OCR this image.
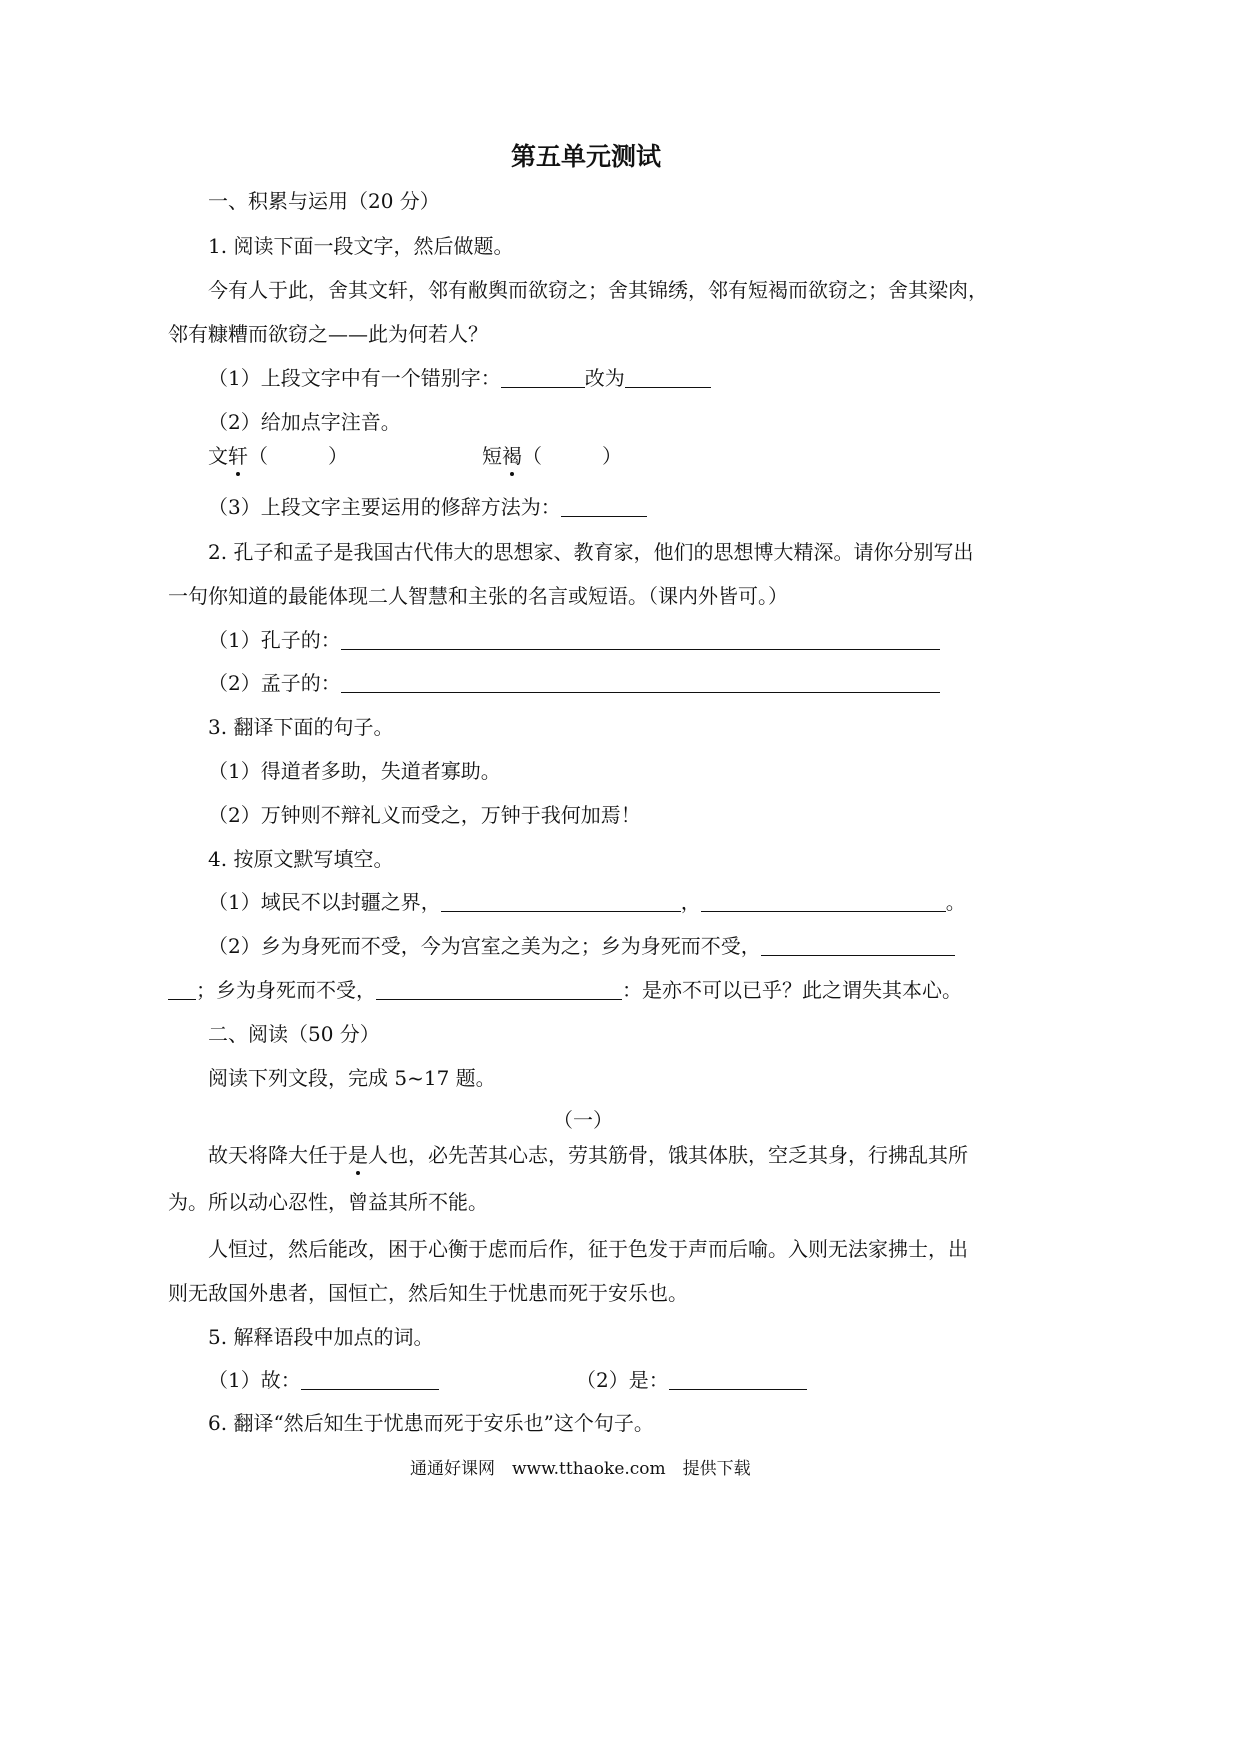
第五单元测试
一、积累与运用（20 分）
1. 阅读下面一段文字，然后做题。
今有人于此，舍其文轩，邻有敝舆而欲窃之；舍其锦绣，邻有短褐而欲窃之；舍其梁肉，
邻有糠糟而欲窃之——此为何若人？
（1）上段文字中有一个错别字：	改为
（2）给加点字注音。
文轩（　　　）	短褐（　　　）
（3）上段文字主要运用的修辞方法为：
2. 孔子和孟子是我国古代伟大的思想家、教育家，他们的思想博大精深。请你分别写出
一句你知道的最能体现二人智慧和主张的名言或短语。（课内外皆可。）
（1）孔子的：
（2）孟子的：
3. 翻译下面的句子。
（1）得道者多助，失道者寡助。
（2）万钟则不辩礼义而受之，万钟于我何加焉！
4. 按原文默写填空。
（1）域民不以封疆之界，	，	。
（2）乡为身死而不受，今为宫室之美为之；乡为身死而不受，
；乡为身死而不受，	：是亦不可以已乎？此之谓失其本心。
二、阅读（50 分）
阅读下列文段，完成 5~17 题。
（一）
故天将降大任于是人也，必先苦其心志，劳其筋骨，饿其体肤，空乏其身，行拂乱其所
为。所以动心忍性，曾益其所不能。
人恒过，然后能改，困于心衡于虑而后作，征于色发于声而后喻。入则无法家拂士，出
则无敌国外患者，国恒亡，然后知生于忧患而死于安乐也。
5. 解释语段中加点的词。
（1）故：	（2）是：
6. 翻译“然后知生于忧患而死于安乐也”这个句子。
通通好课网　www.tthaoke.com　提供下载
